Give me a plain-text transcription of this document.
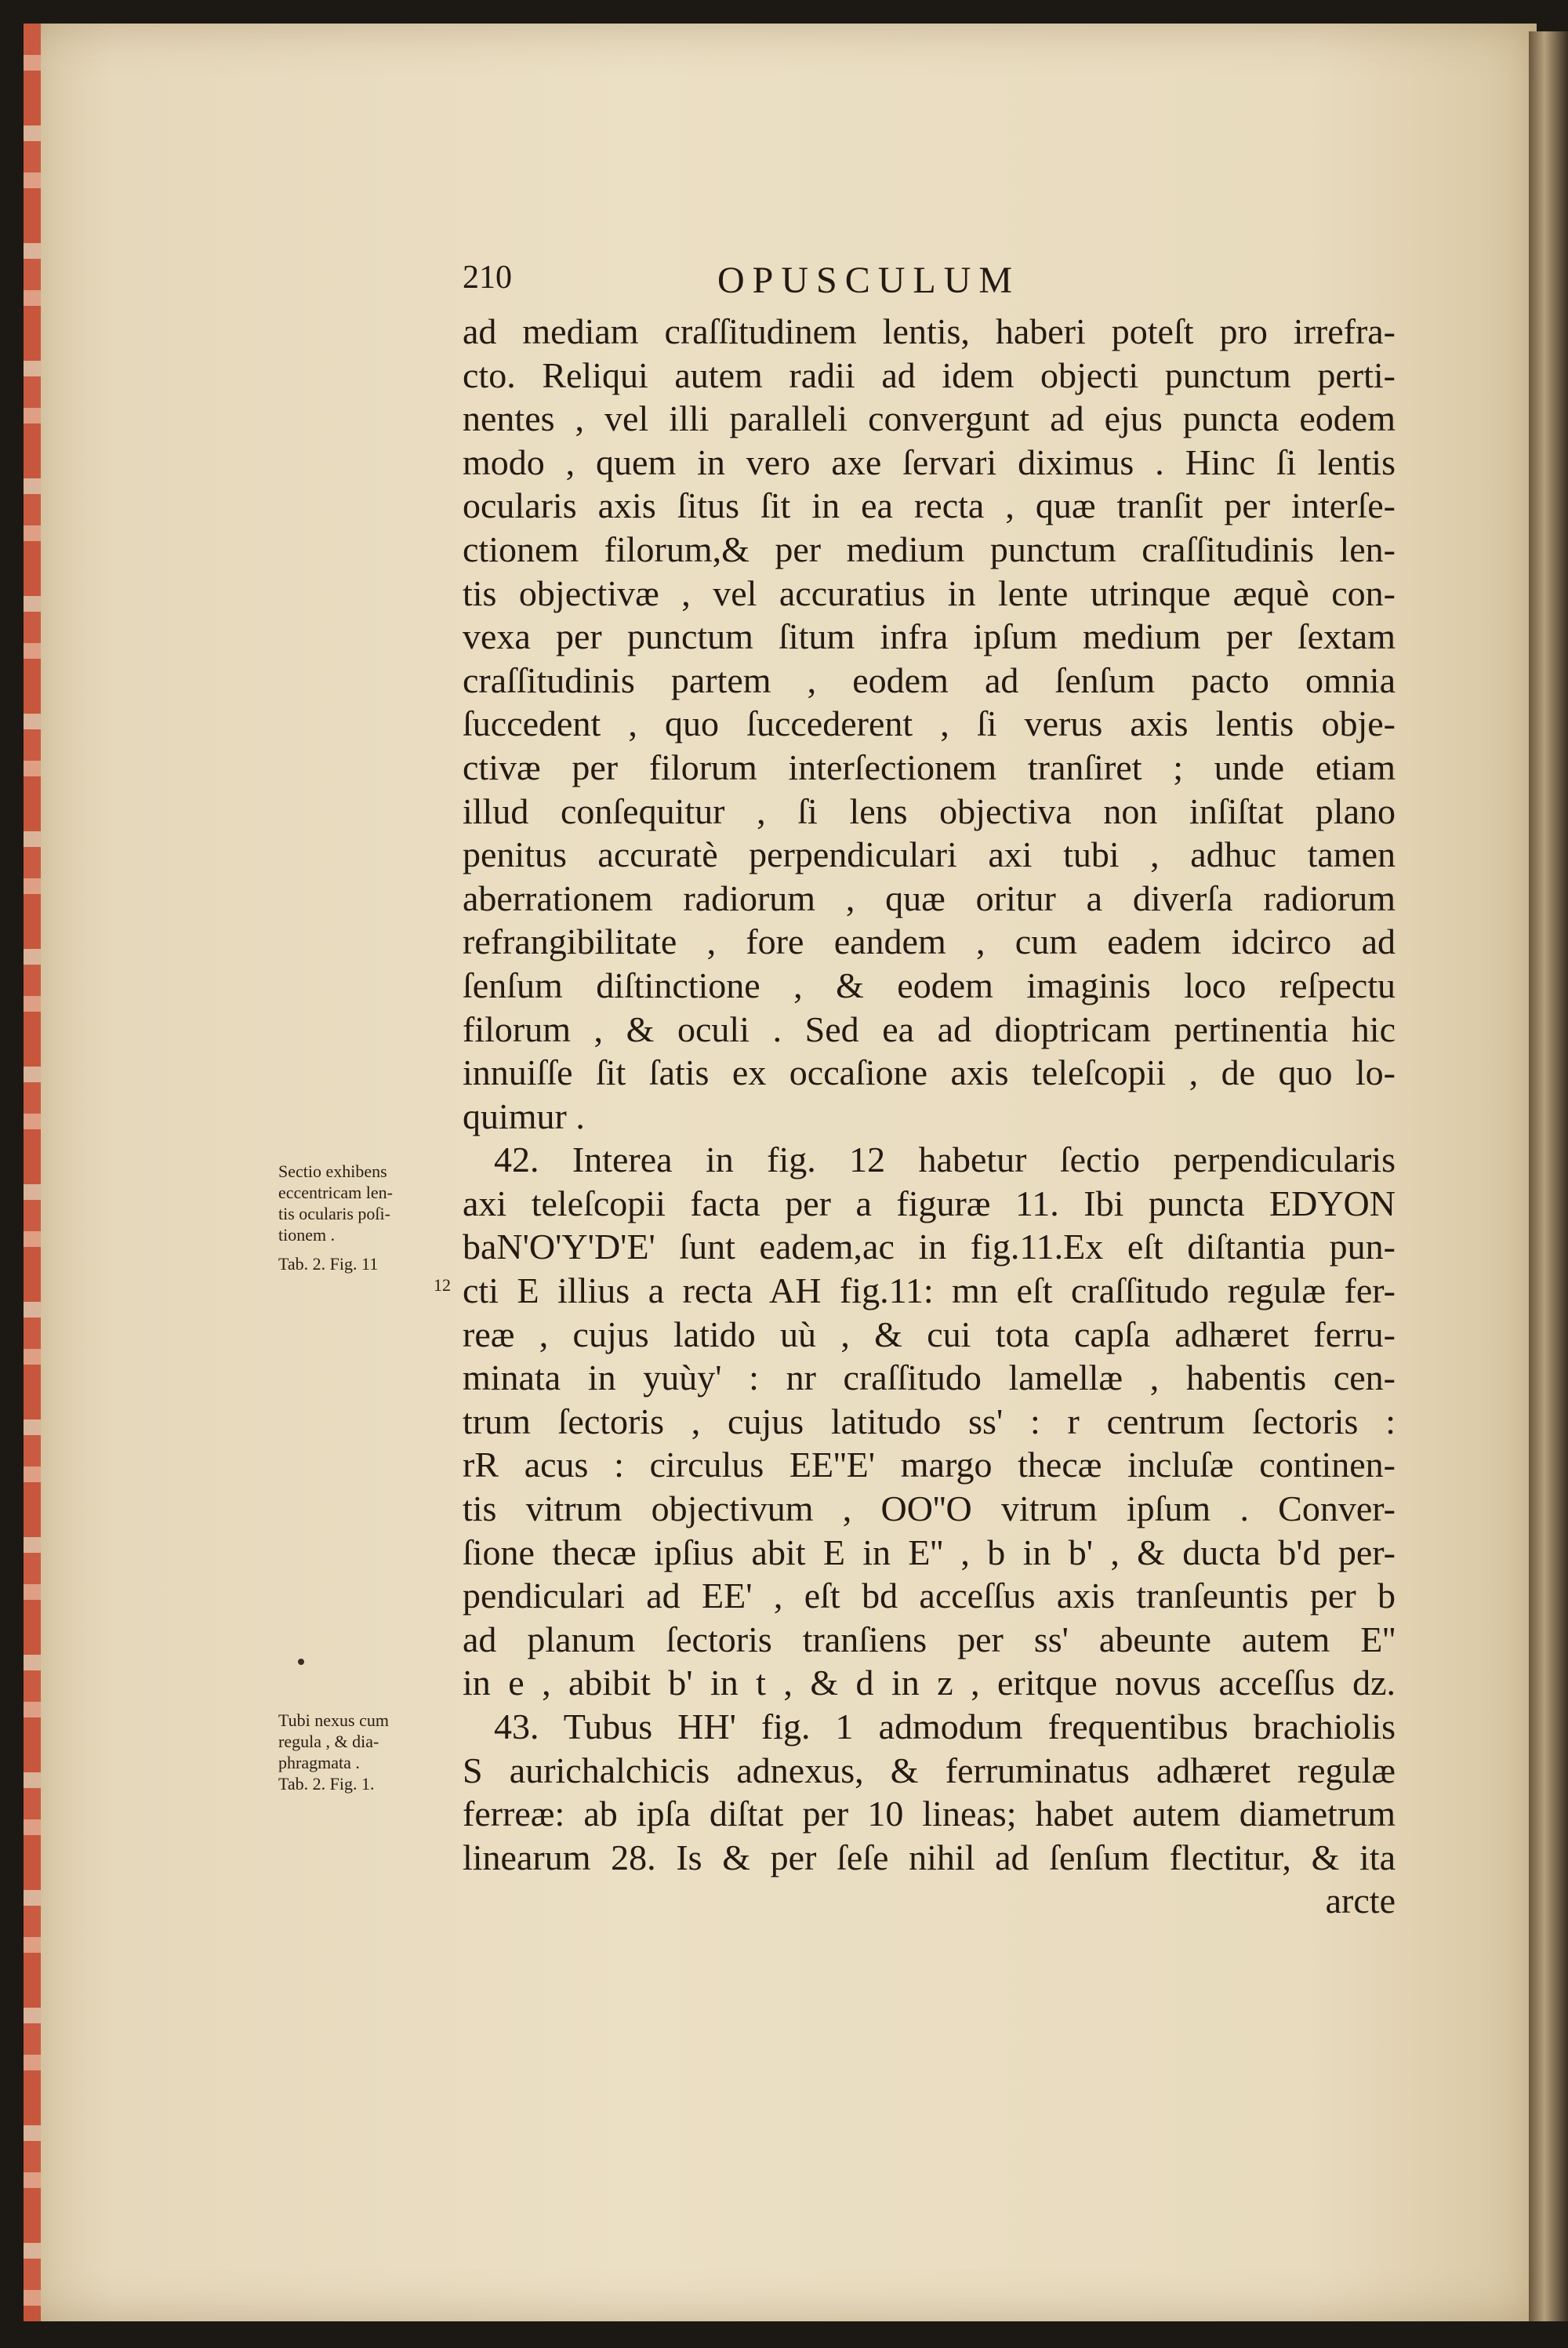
210	OPUSCULUM
ad mediam craſſitudinem lentis, haberi poteſt pro irrefra-
cto. Reliqui autem radii ad idem objecti punctum perti-
nentes , vel illi paralleli convergunt ad ejus puncta eodem
modo , quem in vero axe ſervari diximus . Hinc ſi lentis
ocularis axis ſitus ſit in ea recta , quæ tranſit per interſe-
ctionem filorum,& per medium punctum craſſitudinis len-
tis objectivæ , vel accuratius in lente utrinque æquè con-
vexa per punctum ſitum infra ipſum medium per ſextam
craſſitudinis partem , eodem ad ſenſum pacto omnia
ſuccedent , quo ſuccederent , ſi verus axis lentis obje-
ctivæ per filorum interſectionem tranſiret ; unde etiam
illud conſequitur , ſi lens objectiva non inſiſtat plano
penitus accuratè perpendiculari axi tubi , adhuc tamen
aberrationem radiorum , quæ oritur a diverſa radiorum
refrangibilitate , fore eandem , cum eadem idcirco ad
ſenſum diſtinctione , & eodem imaginis loco reſpectu
filorum , & oculi . Sed ea ad dioptricam pertinentia hic
innuiſſe ſit ſatis ex occaſione axis teleſcopii , de quo lo-
quimur .
42. Interea in fig. 12 habetur ſectio perpendicularis
axi teleſcopii facta per a figuræ 11. Ibi puncta EDYON
baN'O'Y'D'E' ſunt eadem,ac in fig.11.Ex eſt diſtantia pun-
cti E illius a recta AH fig.11: mn eſt craſſitudo regulæ fer-
reæ , cujus latido uù , & cui tota capſa adhæret ferru-
minata in yuùy' : nr craſſitudo lamellæ , habentis cen-
trum ſectoris , cujus latitudo ss' : r centrum ſectoris :
rR acus : circulus EE''E' margo thecæ incluſæ continen-
tis vitrum objectivum , OO''O vitrum ipſum . Conver-
ſione thecæ ipſius abit E in E'' , b in b' , & ducta b'd per-
pendiculari ad EE' , eſt bd acceſſus axis tranſeuntis per b
ad planum ſectoris tranſiens per ss' abeunte autem E''
in e , abibit b' in t , & d in z , eritque novus acceſſus dz.
43. Tubus HH' fig. 1 admodum frequentibus brachiolis
S aurichalchicis adnexus, & ferruminatus adhæret regulæ
ferreæ: ab ipſa diſtat per 10 lineas; habet autem diametrum
linearum 28. Is & per ſeſe nihil ad ſenſum flectitur, & ita
arcte
Sectio exhibens
eccentricam len-
tis ocularis poſi-
tionem .
Tab. 2. Fig. 11
12
Tubi nexus cum
regula , & dia-
phragmata .
Tab. 2. Fig. 1.
